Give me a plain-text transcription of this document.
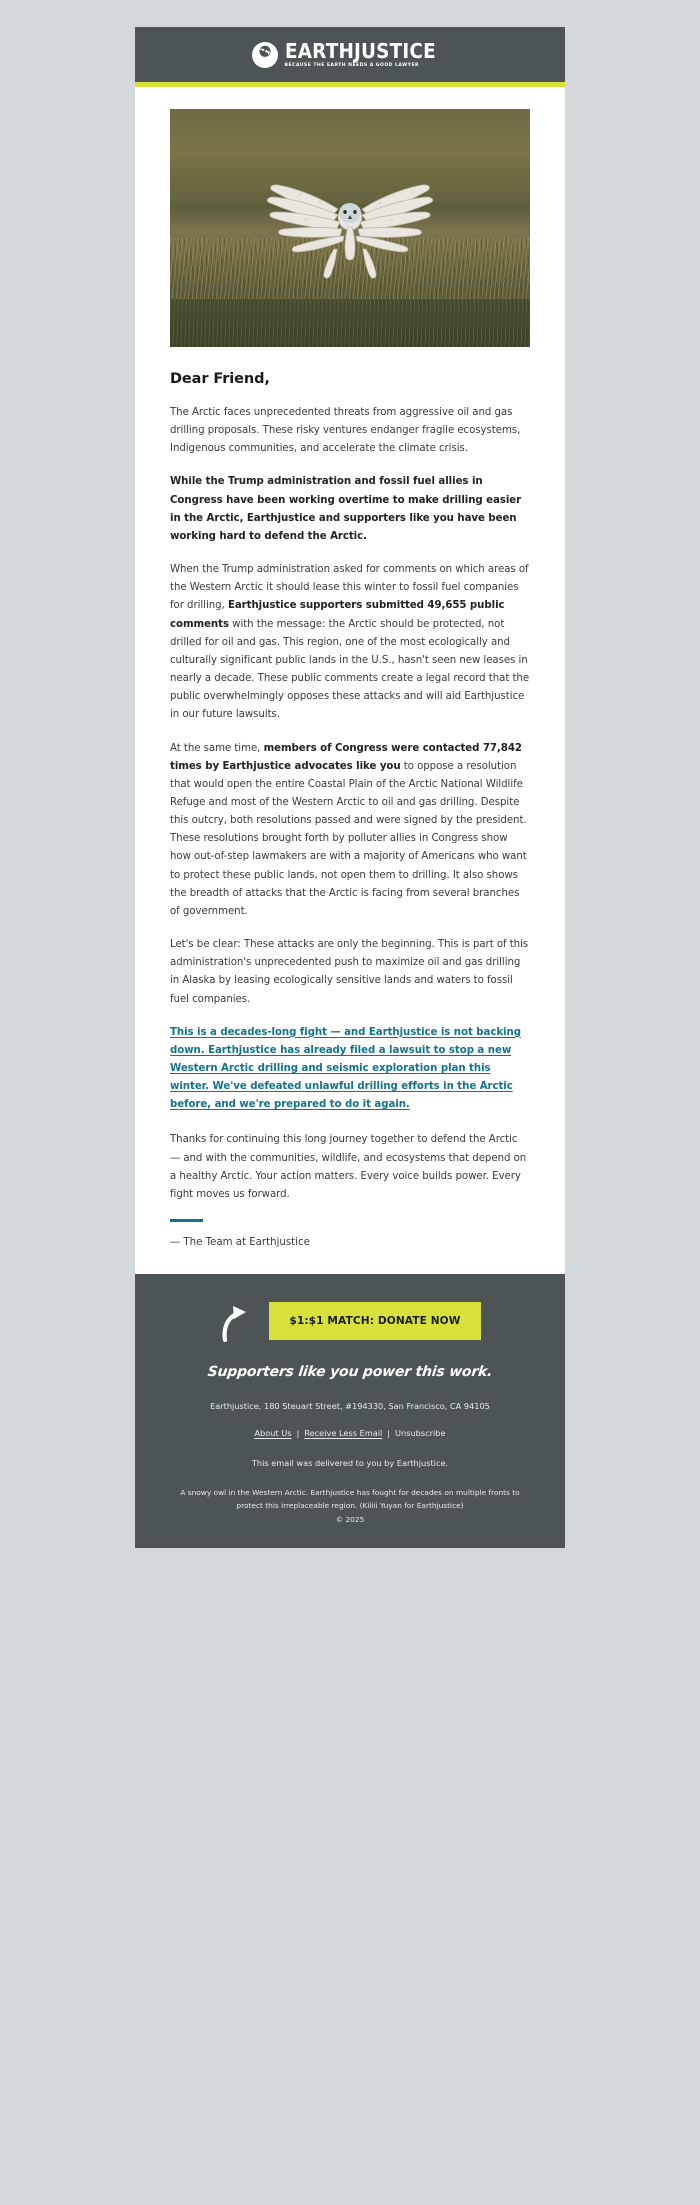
EARTHJUSTICE
BECAUSE THE EARTH NEEDS A GOOD LAWYER
Dear Friend,

The Arctic faces unprecedented threats from aggressive oil and gas drilling proposals. These risky ventures endanger fragile ecosystems, Indigenous communities, and accelerate the climate crisis.

While the Trump administration and fossil fuel allies in Congress have been working overtime to make drilling easier in the Arctic, Earthjustice and supporters like you have been working hard to defend the Arctic.

When the Trump administration asked for comments on which areas of the Western Arctic it should lease this winter to fossil fuel companies for drilling, Earthjustice supporters submitted 49,655 public comments with the message: the Arctic should be protected, not drilled for oil and gas. This region, one of the most ecologically and culturally significant public lands in the U.S., hasn't seen new leases in nearly a decade. These public comments create a legal record that the public overwhelmingly opposes these attacks and will aid Earthjustice in our future lawsuits.

At the same time, members of Congress were contacted 77,842 times by Earthjustice advocates like you to oppose a resolution that would open the entire Coastal Plain of the Arctic National Wildlife Refuge and most of the Western Arctic to oil and gas drilling. Despite this outcry, both resolutions passed and were signed by the president. These resolutions brought forth by polluter allies in Congress show how out-of-step lawmakers are with a majority of Americans who want to protect these public lands, not open them to drilling. It also shows the breadth of attacks that the Arctic is facing from several branches of government.

Let's be clear: These attacks are only the beginning. This is part of this administration's unprecedented push to maximize oil and gas drilling in Alaska by leasing ecologically sensitive lands and waters to fossil fuel companies.

This is a decades-long fight — and Earthjustice is not backing down. Earthjustice has already filed a lawsuit to stop a new Western Arctic drilling and seismic exploration plan this winter. We've defeated unlawful drilling efforts in the Arctic before, and we're prepared to do it again.

Thanks for continuing this long journey together to defend the Arctic — and with the communities, wildlife, and ecosystems that depend on a healthy Arctic. Your action matters. Every voice builds power. Every fight moves us forward.

— The Team at Earthjustice

$1:$1 MATCH: DONATE NOW

Supporters like you power this work.

Earthjustice, 180 Steuart Street, #194330, San Francisco, CA 94105

About Us | Receive Less Email | Unsubscribe

This email was delivered to you by Earthjustice.

A snowy owl in the Western Arctic. Earthjustice has fought for decades on multiple fronts to protect this irreplaceable region. (Kiliii Yuyan for Earthjustice)

© 2025
